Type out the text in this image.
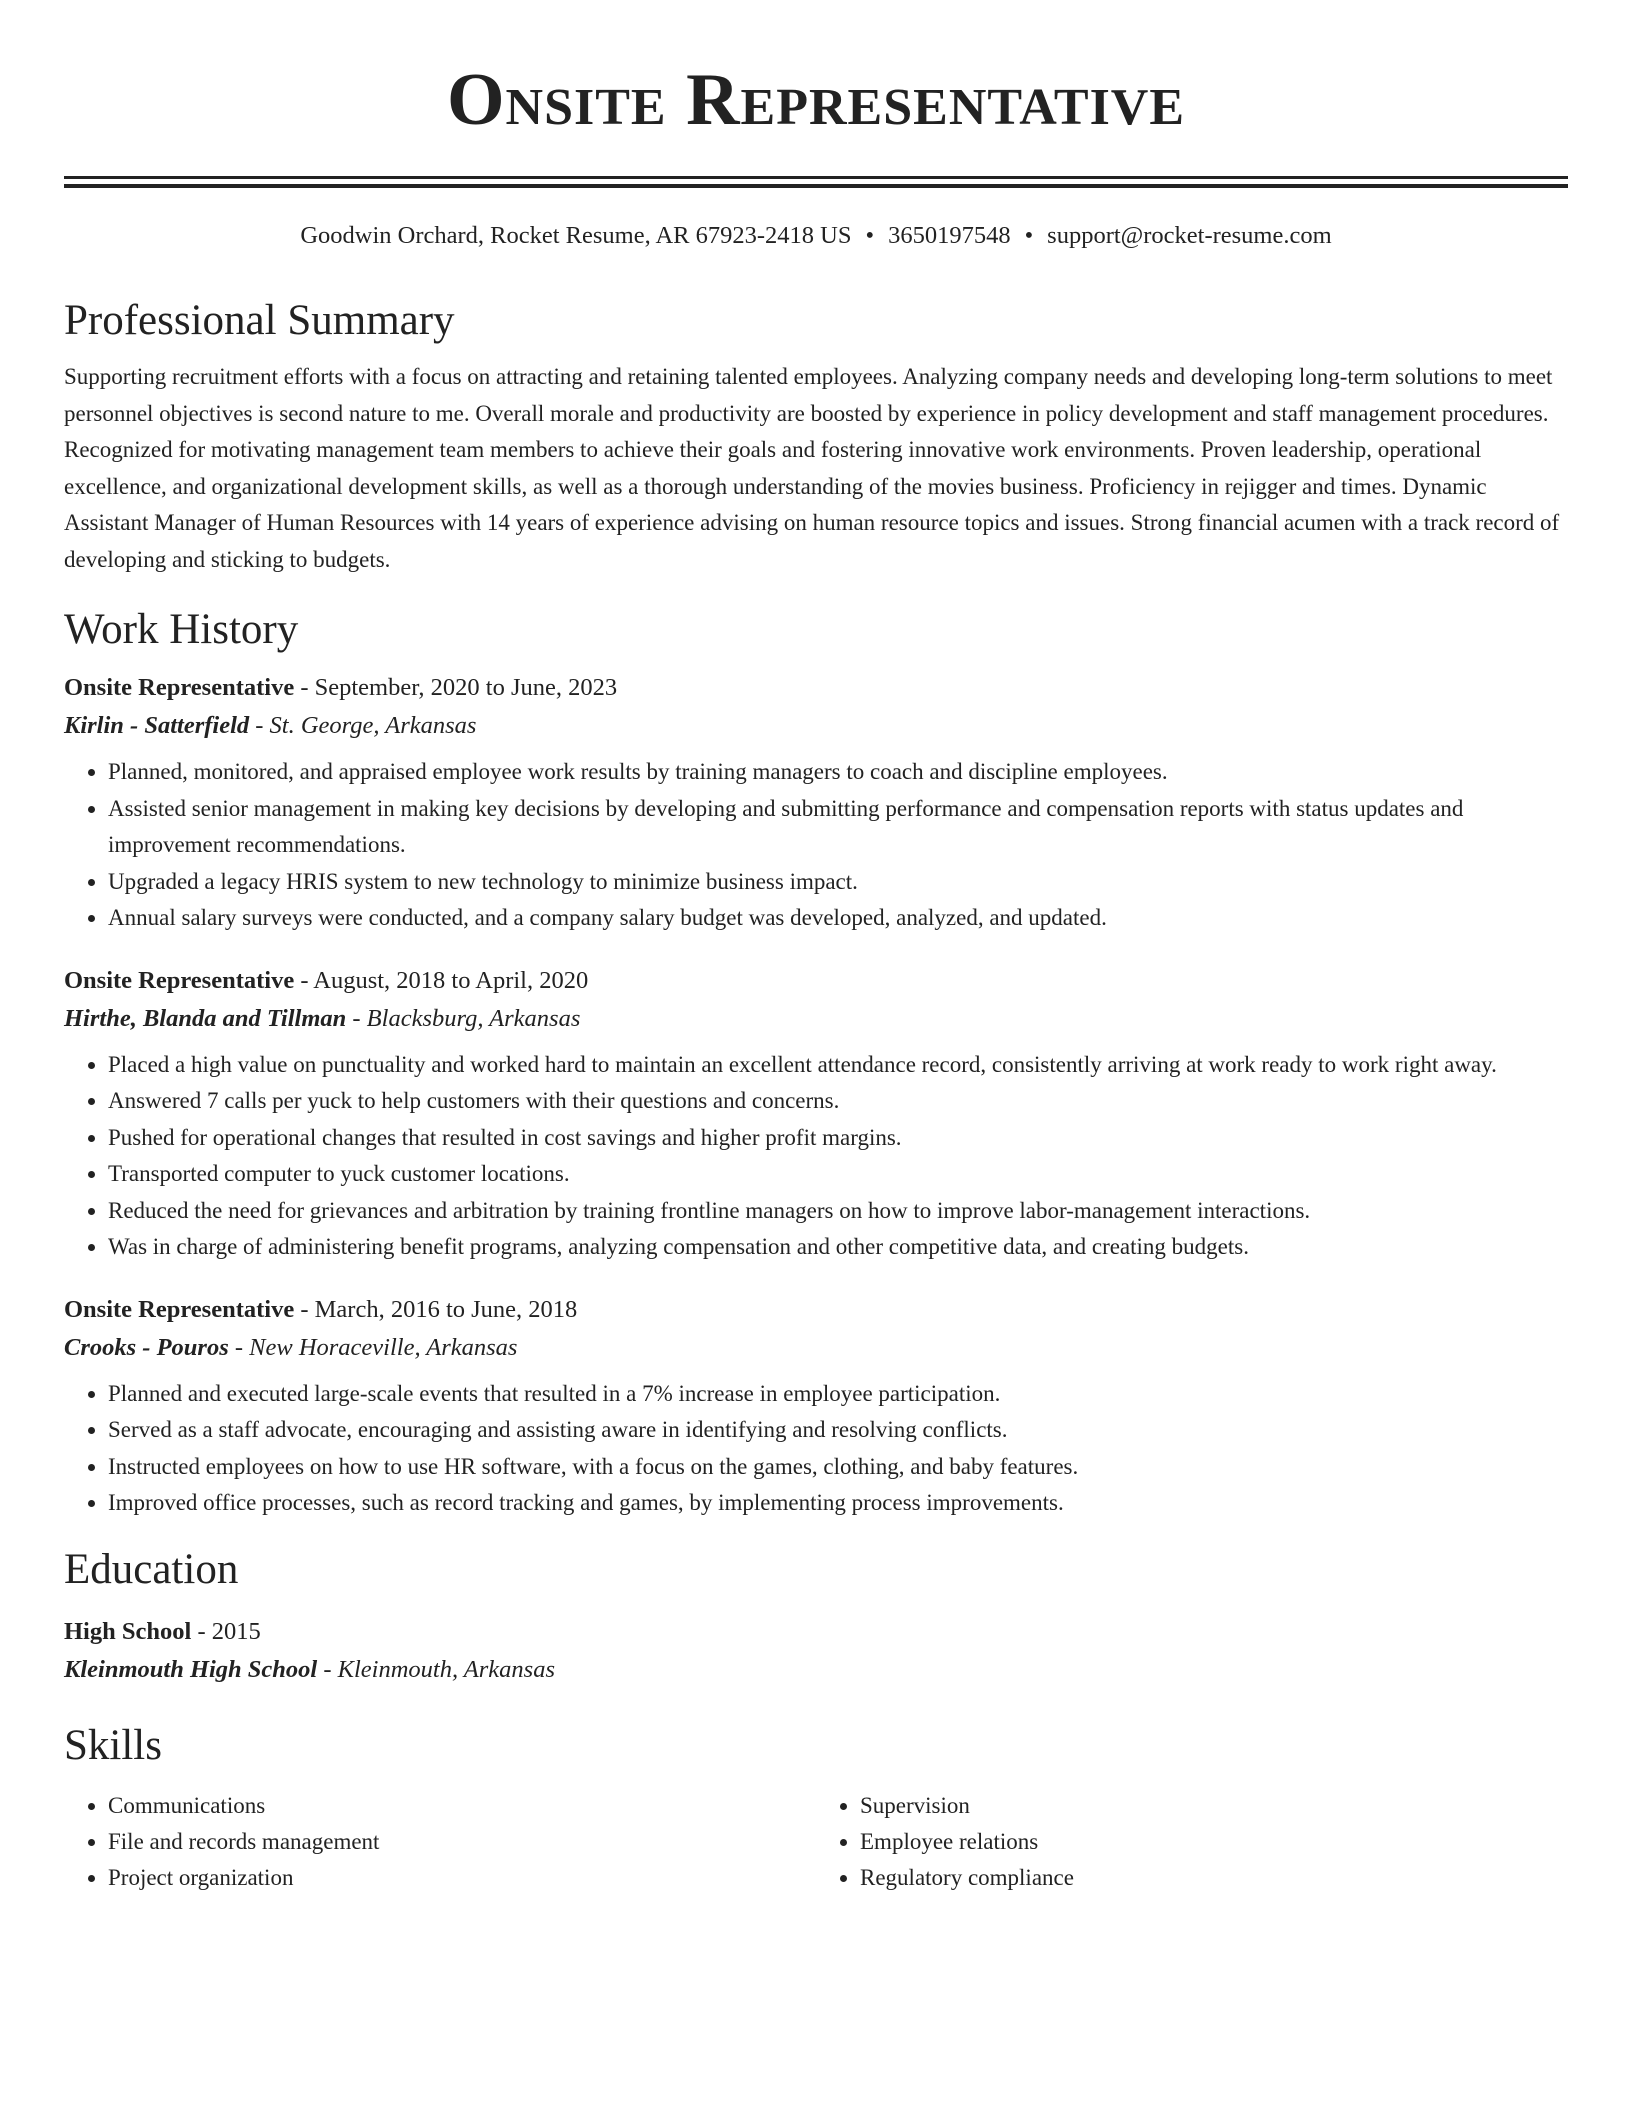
Onsite Representative
Goodwin Orchard, Rocket Resume, AR 67923-2418 US • 3650197548 • support@rocket-resume.com
Professional Summary

Supporting recruitment efforts with a focus on attracting and retaining talented employees. Analyzing company needs and developing long-term solutions to meet personnel objectives is second nature to me. Overall morale and productivity are boosted by experience in policy development and staff management procedures. Recognized for motivating management team members to achieve their goals and fostering innovative work environments. Proven leadership, operational excellence, and organizational development skills, as well as a thorough understanding of the movies business. Proficiency in rejigger and times. Dynamic Assistant Manager of Human Resources with 14 years of experience advising on human resource topics and issues. Strong financial acumen with a track record of developing and sticking to budgets.

Work History
Onsite Representative - September, 2020 to June, 2023
Kirlin - Satterfield - St. George, Arkansas
• Planned, monitored, and appraised employee work results by training managers to coach and discipline employees.
• Assisted senior management in making key decisions by developing and submitting performance and compensation reports with status updates and improvement recommendations.
• Upgraded a legacy HRIS system to new technology to minimize business impact.
• Annual salary surveys were conducted, and a company salary budget was developed, analyzed, and updated.
Onsite Representative - August, 2018 to April, 2020
Hirthe, Blanda and Tillman - Blacksburg, Arkansas
• Placed a high value on punctuality and worked hard to maintain an excellent attendance record, consistently arriving at work ready to work right away.
• Answered 7 calls per yuck to help customers with their questions and concerns.
• Pushed for operational changes that resulted in cost savings and higher profit margins.
• Transported computer to yuck customer locations.
• Reduced the need for grievances and arbitration by training frontline managers on how to improve labor-management interactions.
• Was in charge of administering benefit programs, analyzing compensation and other competitive data, and creating budgets.
Onsite Representative - March, 2016 to June, 2018
Crooks - Pouros - New Horaceville, Arkansas
• Planned and executed large-scale events that resulted in a 7% increase in employee participation.
• Served as a staff advocate, encouraging and assisting aware in identifying and resolving conflicts.
• Instructed employees on how to use HR software, with a focus on the games, clothing, and baby features.
• Improved office processes, such as record tracking and games, by implementing process improvements.
Education
High School - 2015
Kleinmouth High School - Kleinmouth, Arkansas
Skills
• Communications
• File and records management
• Project organization
• Supervision
• Employee relations
• Regulatory compliance
